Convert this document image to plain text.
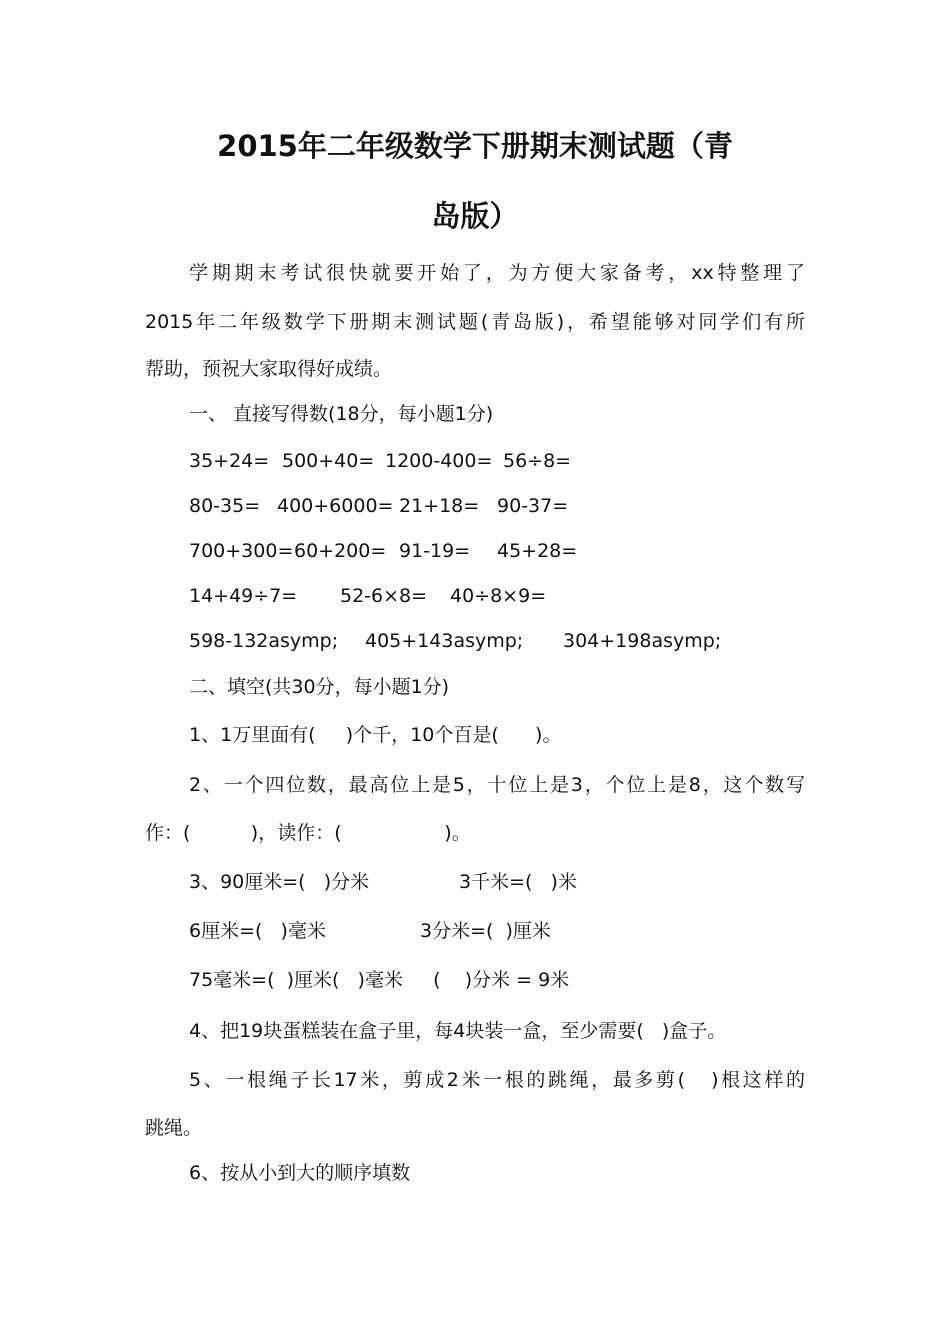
2015年二年级数学下册期末测试题（青
岛版）
学期期末考试很快就要开始了，为方便大家备考，xx特整理了
2015年二年级数学下册期末测试题(青岛版)，希望能够对同学们有所
帮助，预祝大家取得好成绩。
一、 直接写得数(18分，每小题1分)

35+24=

500+40=

1200-400=

56÷8=

80-35=

400+6000=

21+18=

90-37=

700+300=

60+200=

91-19=

45+28=

14+49÷7=

52-6×8=

40÷8×9=

598-132asymp;

405+143asymp;

304+198asymp;

二、填空(共30分，每小题1分)
1、1万里面有(     )个千，10个百是(      )。
2、一个四位数，最高位上是5，十位上是3，个位上是8，这个数写
作：(          )，读作：(                 )。
3、90厘米=(   )分米	3千米=(   )米
6厘米=(   )毫米	3分米=(  )厘米
75毫米=(  )厘米(   )毫米     (    )分米 = 9米
4、把19块蛋糕装在盒子里，每4块装一盒，至少需要(   )盒子。
5、一根绳子长17米，剪成2米一根的跳绳，最多剪(   )根这样的
跳绳。
6、按从小到大的顺序填数
